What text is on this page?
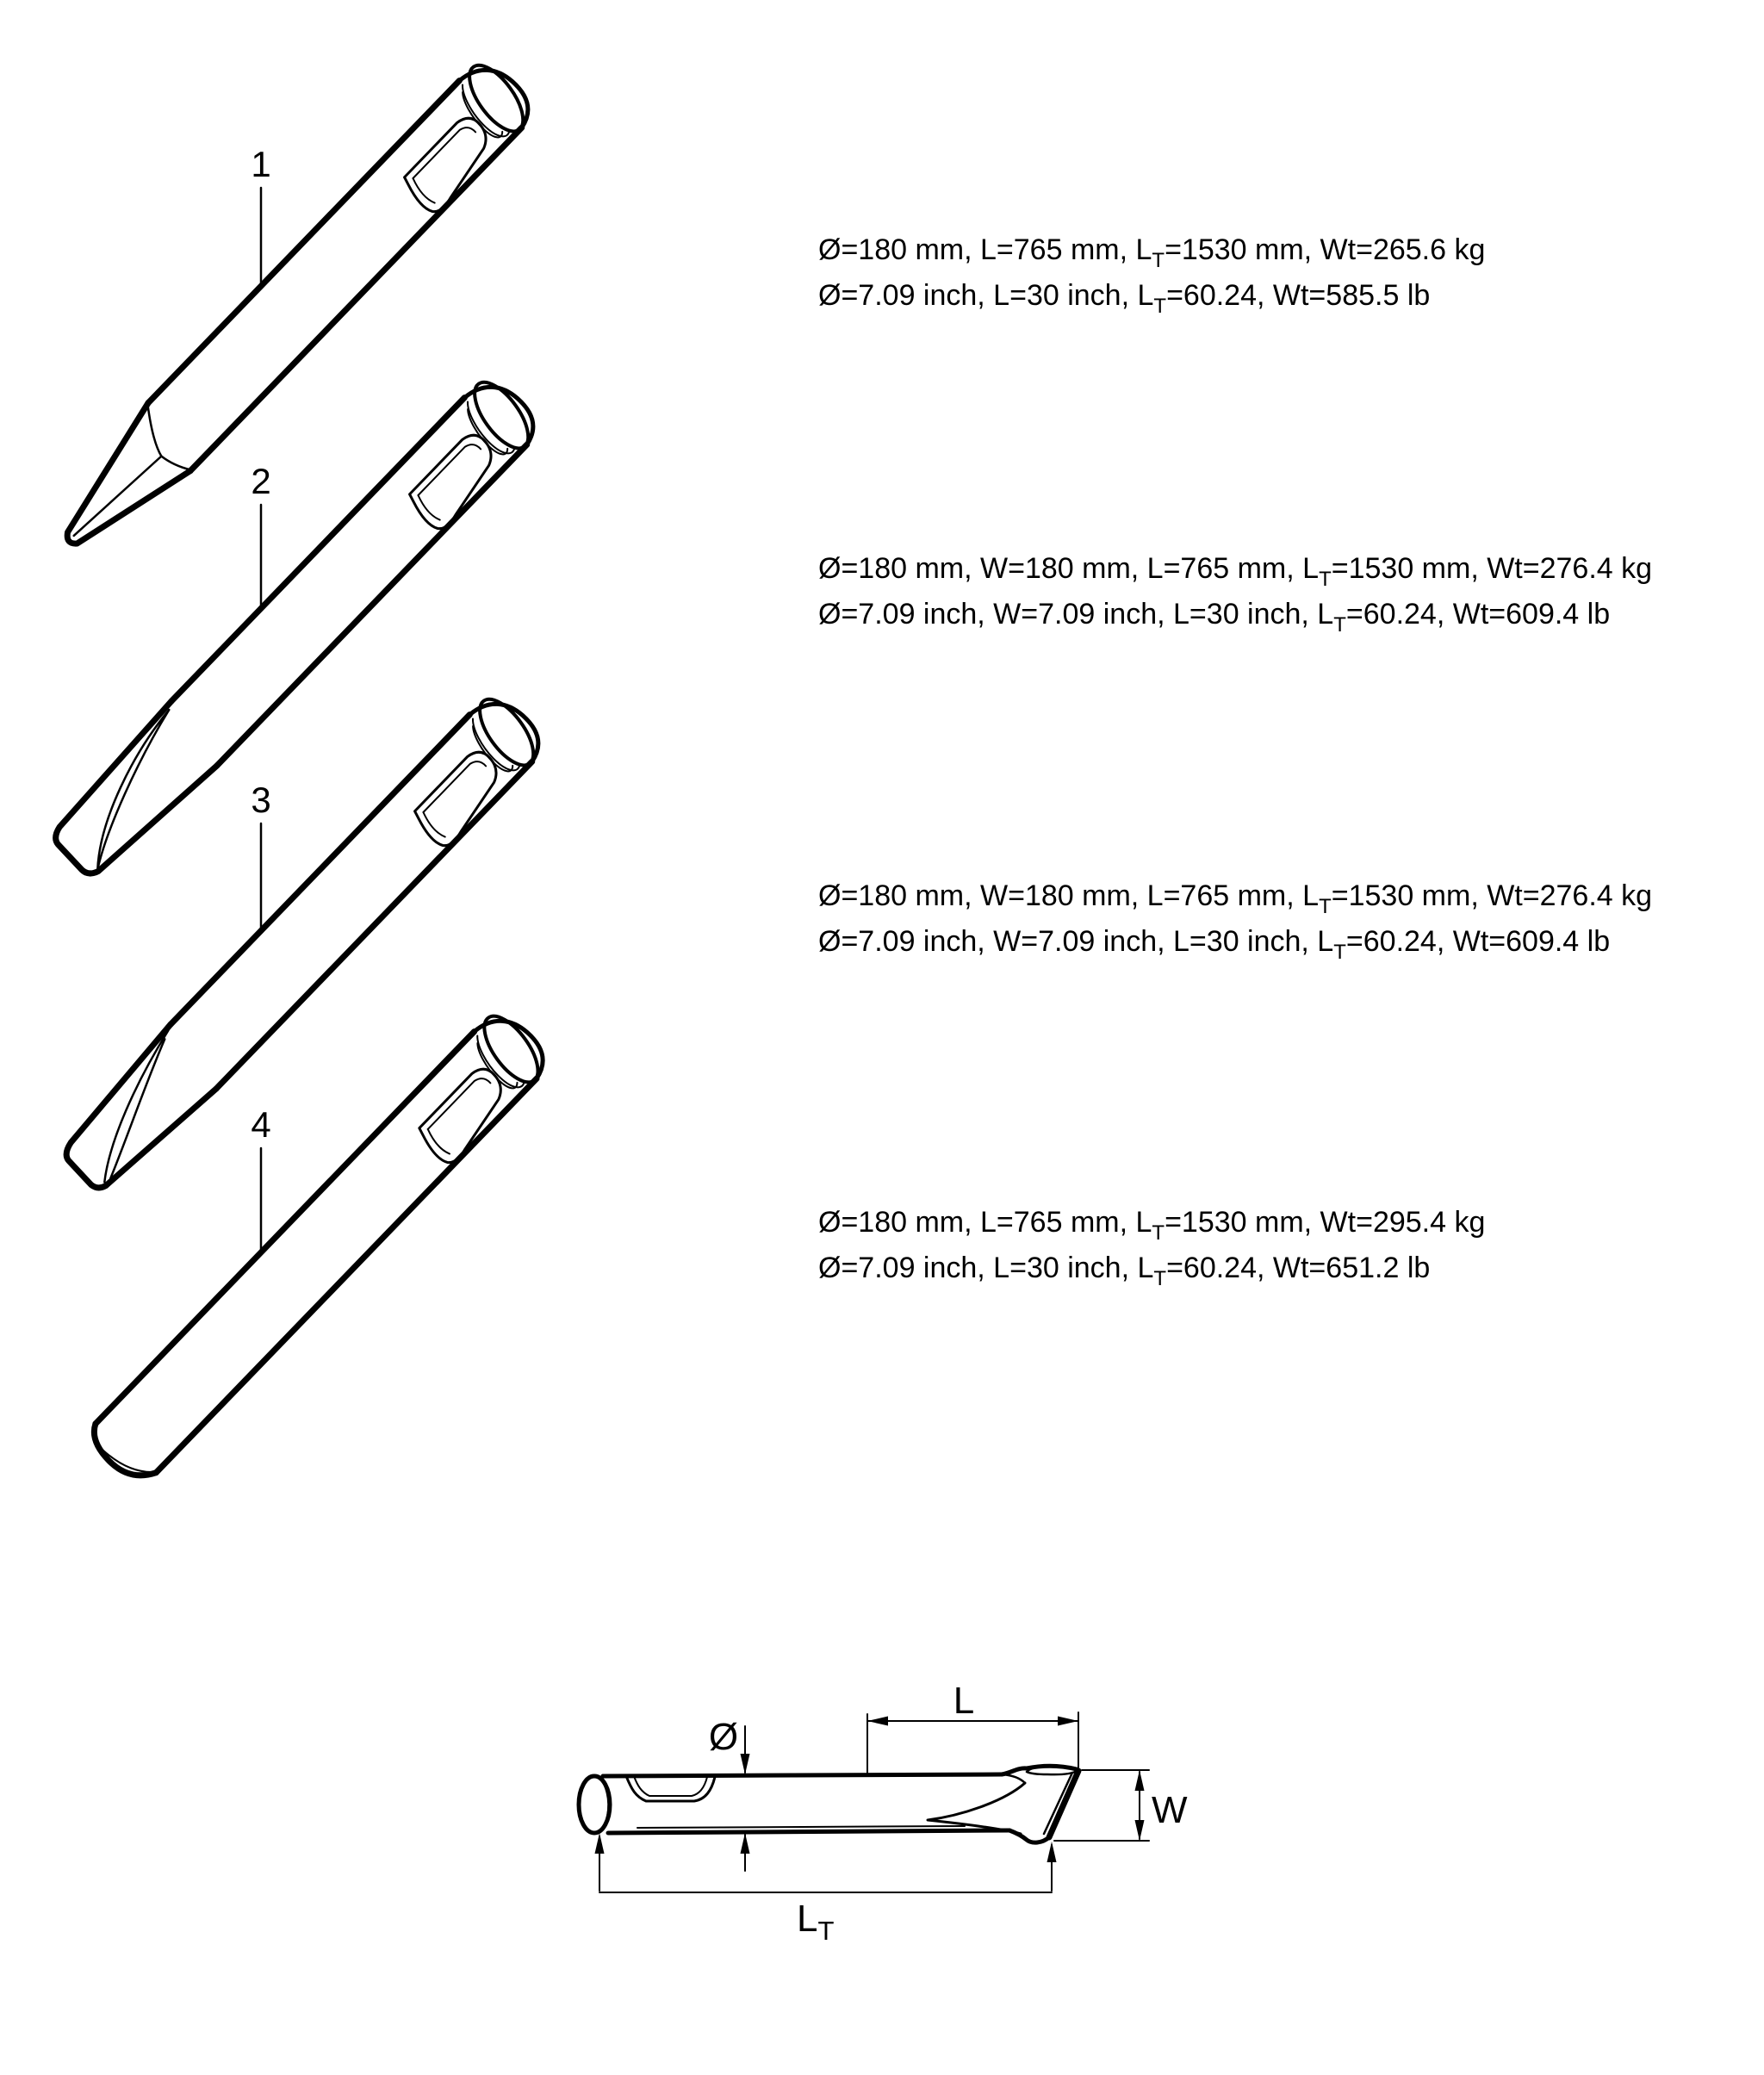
1
2
3
4
L
Ø
W
LT
Ø=180 mm, L=765 mm, $L_T=1530$ mm, Wt=265.6 kg
Ø=7.09 inch, L=30 inch, $L_T=60.24$, Wt=585.5 lb
Ø=180 mm, W=180 mm, L=765 mm, $L_T=1530$ mm, Wt=276.4 kg
Ø=7.09 inch, W=7.09 inch, L=30 inch, $L_T=60.24$, Wt=609.4 lb
Ø=180 mm, W=180 mm, L=765 mm, $L_T=1530$ mm, Wt=276.4 kg
Ø=7.09 inch, W=7.09 inch, L=30 inch, $L_T=60.24$, Wt=609.4 lb
Ø=180 mm, L=765 mm, $L_T=1530$ mm, Wt=295.4 kg
Ø=7.09 inch, L=30 inch, $L_T=60.24$, Wt=651.2 lb
